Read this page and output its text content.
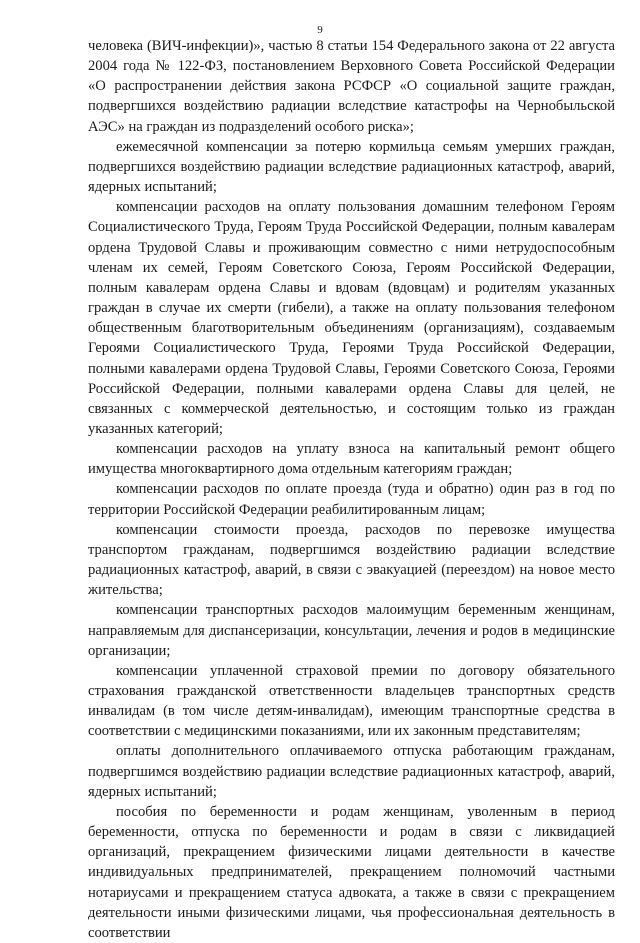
9

человека (ВИЧ-инфекции)», частью 8 статьи 154 Федерального закона от 22 августа 2004 года № 122-ФЗ, постановлением Верховного Совета Российской Федерации «О распространении действия закона РСФСР «О социальной защите граждан, подвергшихся воздействию радиации вследствие катастрофы на Чернобыльской АЭС» на граждан из подразделений особого риска»;

ежемесячной компенсации за потерю кормильца семьям умерших граждан, подвергшихся воздействию радиации вследствие радиационных катастроф, аварий, ядерных испытаний;

компенсации расходов на оплату пользования домашним телефоном Героям Социалистического Труда, Героям Труда Российской Федерации, полным кавалерам ордена Трудовой Славы и проживающим совместно с ними нетрудоспособным членам их семей, Героям Советского Союза, Героям Российской Федерации, полным кавалерам ордена Славы и вдовам (вдовцам) и родителям указанных граждан в случае их смерти (гибели), а также на оплату пользования телефоном общественным благотворительным объединениям (организациям), создаваемым Героями Социалистического Труда, Героями Труда Российской Федерации, полными кавалерами ордена Трудовой Славы, Героями Советского Союза, Героями Российской Федерации, полными кавалерами ордена Славы для целей, не связанных с коммерческой деятельностью, и состоящим только из граждан указанных категорий;

компенсации расходов на уплату взноса на капитальный ремонт общего имущества многоквартирного дома отдельным категориям граждан;

компенсации расходов по оплате проезда (туда и обратно) один раз в год по территории Российской Федерации реабилитированным лицам;

компенсации стоимости проезда, расходов по перевозке имущества транспортом гражданам, подвергшимся воздействию радиации вследствие радиационных катастроф, аварий, в связи с эвакуацией (переездом) на новое место жительства;

компенсации транспортных расходов малоимущим беременным женщинам, направляемым для диспансеризации, консультации, лечения и родов в медицинские организации;

компенсации уплаченной страховой премии по договору обязательного страхования гражданской ответственности владельцев транспортных средств инвалидам (в том числе детям-инвалидам), имеющим транспортные средства в соответствии с медицинскими показаниями, или их законным представителям;

оплаты дополнительного оплачиваемого отпуска работающим гражданам, подвергшимся воздействию радиации вследствие радиационных катастроф, аварий, ядерных испытаний;

пособия по беременности и родам женщинам, уволенным в период беременности, отпуска по беременности и родам в связи с ликвидацией организаций, прекращением физическими лицами деятельности в качестве индивидуальных предпринимателей, прекращением полномочий частными нотариусами и прекращением статуса адвоката, а также в связи с прекращением деятельности иными физическими лицами, чья профессиональная деятельность в соответствии
